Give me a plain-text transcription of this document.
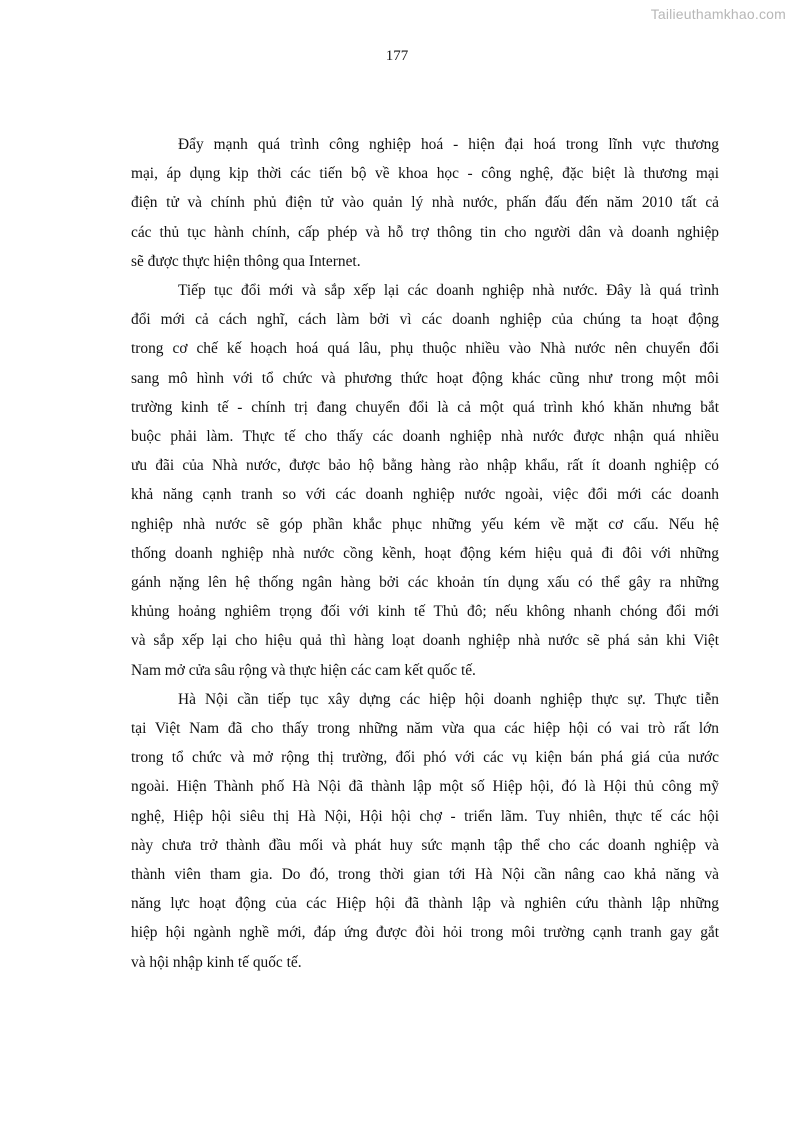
Tailieuthamkhao.com
177

Đẩy mạnh quá trình công nghiệp hoá - hiện đại hoá trong lĩnh vực thương
mại, áp dụng kịp thời các tiến bộ về khoa học - công nghệ, đặc biệt là thương mại
điện tử và chính phủ điện tử vào quản lý nhà nước, phấn đấu đến năm 2010 tất cả
các thủ tục hành chính, cấp phép và hỗ trợ thông tin cho người dân và doanh nghiệp
sẽ được thực hiện thông qua Internet.

Tiếp tục đổi mới và sắp xếp lại các doanh nghiệp nhà nước. Đây là quá trình
đổi mới cả cách nghĩ, cách làm bởi vì các doanh nghiệp của chúng ta hoạt động
trong cơ chế kế hoạch hoá quá lâu, phụ thuộc nhiều vào Nhà nước nên chuyển đổi
sang mô hình với tổ chức và phương thức hoạt động khác cũng như trong một môi
trường kinh tế - chính trị đang chuyển đổi là cả một quá trình khó khăn nhưng bắt
buộc phải làm. Thực tế cho thấy các doanh nghiệp nhà nước được nhận quá nhiều
ưu đãi của Nhà nước, được bảo hộ bằng hàng rào nhập khẩu, rất ít doanh nghiệp có
khả năng cạnh tranh so với các doanh nghiệp nước ngoài, việc đổi mới các doanh
nghiệp nhà nước sẽ góp phần khắc phục những yếu kém về mặt cơ cấu. Nếu hệ
thống doanh nghiệp nhà nước cồng kềnh, hoạt động kém hiệu quả đi đôi với những
gánh nặng lên hệ thống ngân hàng bởi các khoản tín dụng xấu có thể gây ra những
khủng hoảng nghiêm trọng đối với kinh tế Thủ đô; nếu không nhanh chóng đổi mới
và sắp xếp lại cho hiệu quả thì hàng loạt doanh nghiệp nhà nước sẽ phá sản khi Việt
Nam mở cửa sâu rộng và thực hiện các cam kết quốc tế.

Hà Nội cần tiếp tục xây dựng các hiệp hội doanh nghiệp thực sự. Thực tiễn
tại Việt Nam đã cho thấy trong những năm vừa qua các hiệp hội có vai trò rất lớn
trong tổ chức và mở rộng thị trường, đối phó với các vụ kiện bán phá giá của nước
ngoài. Hiện Thành phố Hà Nội đã thành lập một số Hiệp hội, đó là Hội thủ công mỹ
nghệ, Hiệp hội siêu thị Hà Nội, Hội hội chợ - triển lãm. Tuy nhiên, thực tế các hội
này chưa trở thành đầu mối và phát huy sức mạnh tập thể cho các doanh nghiệp và
thành viên tham gia. Do đó, trong thời gian tới Hà Nội cần nâng cao khả năng và
năng lực hoạt động của các Hiệp hội đã thành lập và nghiên cứu thành lập những
hiệp hội ngành nghề mới, đáp ứng được đòi hỏi trong môi trường cạnh tranh gay gắt
và hội nhập kinh tế quốc tế.
